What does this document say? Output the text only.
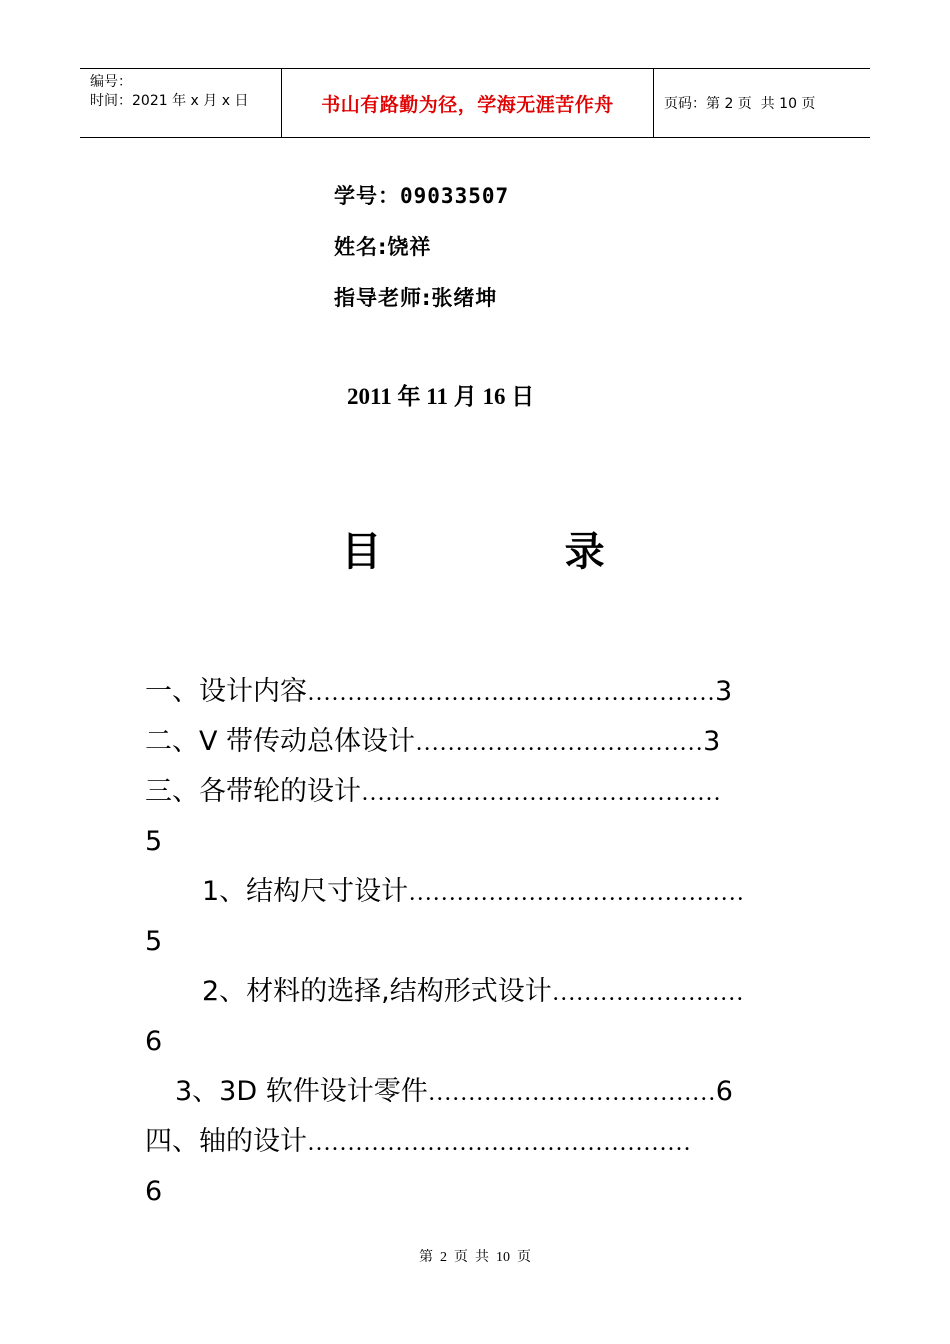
编号：
时间：2021 年 x 月 x 日	书山有路勤为径，学海无涯苦作舟	页码：第 2 页  共 10 页
学号：09033507
姓名:饶祥
指导老师:张绪坤
2011 年 11 月 16 日
目          录
一、设计内容……………………………………………3
二、V 带传动总体设计………………………………3
三、各带轮的设计………………………………………
5
1、结构尺寸设计……………………………………
5
2、材料的选择,结构形式设计……………………
6
3、3D 软件设计零件………………………………6
四、轴的设计…………………………………………
6
第  2  页  共  10  页
